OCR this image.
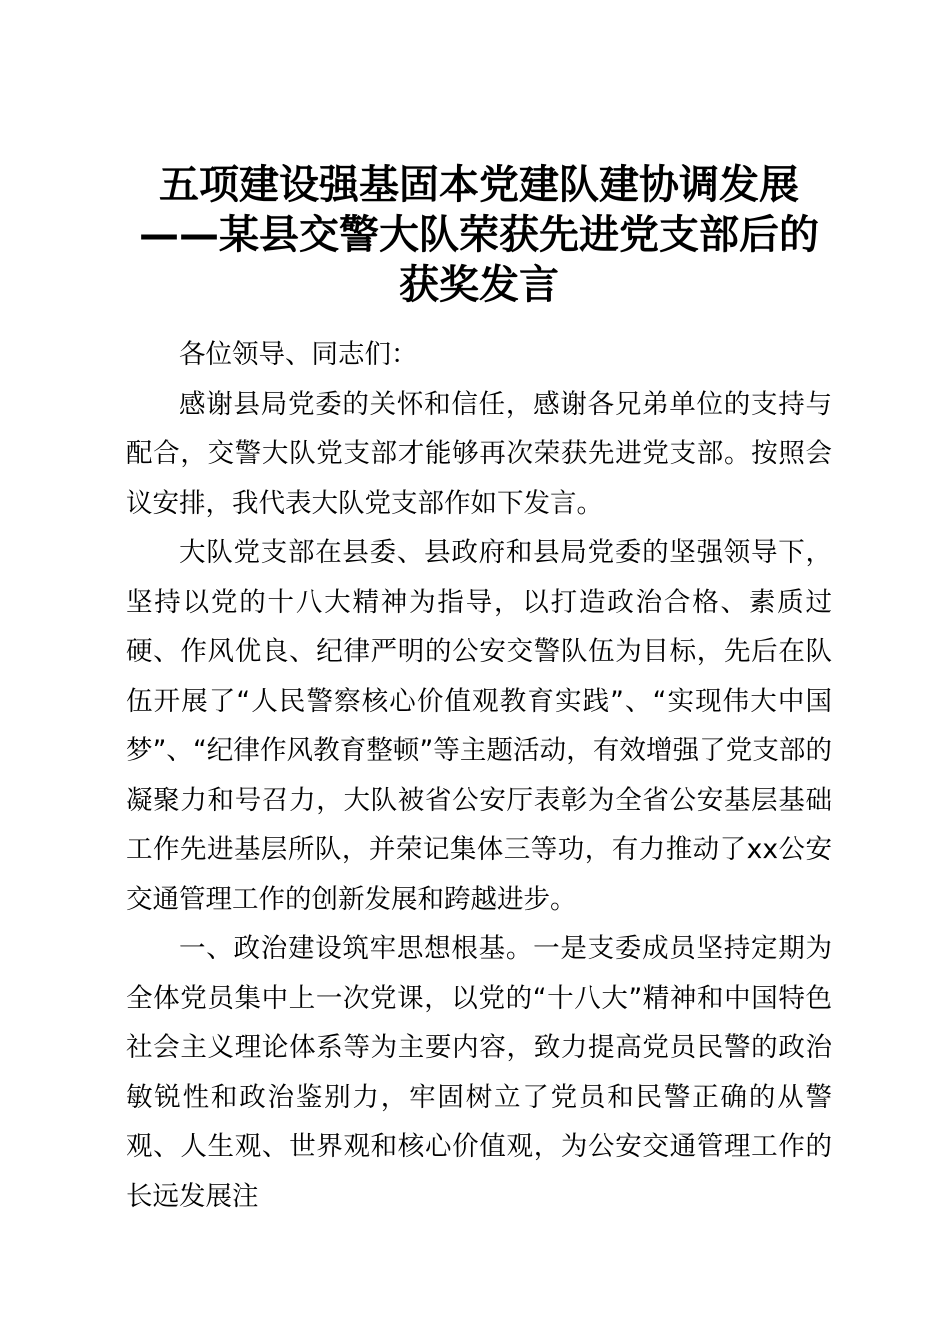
五项建设强基固本党建队建协调发展——某县交警大队荣获先进党支部后的获奖发言

各位领导、同志们：

感谢县局党委的关怀和信任，感谢各兄弟单位的支持与配合，交警大队党支部才能够再次荣获先进党支部。按照会议安排，我代表大队党支部作如下发言。

大队党支部在县委、县政府和县局党委的坚强领导下，坚持以党的十八大精神为指导，以打造政治合格、素质过硬、作风优良、纪律严明的公安交警队伍为目标，先后在队伍开展了“人民警察核心价值观教育实践”、“实现伟大中国梦”、“纪律作风教育整顿”等主题活动，有效增强了党支部的凝聚力和号召力，大队被省公安厅表彰为全省公安基层基础工作先进基层所队，并荣记集体三等功，有力推动了xx公安交通管理工作的创新发展和跨越进步。

一、政治建设筑牢思想根基。一是支委成员坚持定期为全体党员集中上一次党课，以党的“十八大”精神和中国特色社会主义理论体系等为主要内容，致力提高党员民警的政治敏锐性和政治鉴别力，牢固树立了党员和民警正确的从警观、人生观、世界观和核心价值观，为公安交通管理工作的长远发展注
